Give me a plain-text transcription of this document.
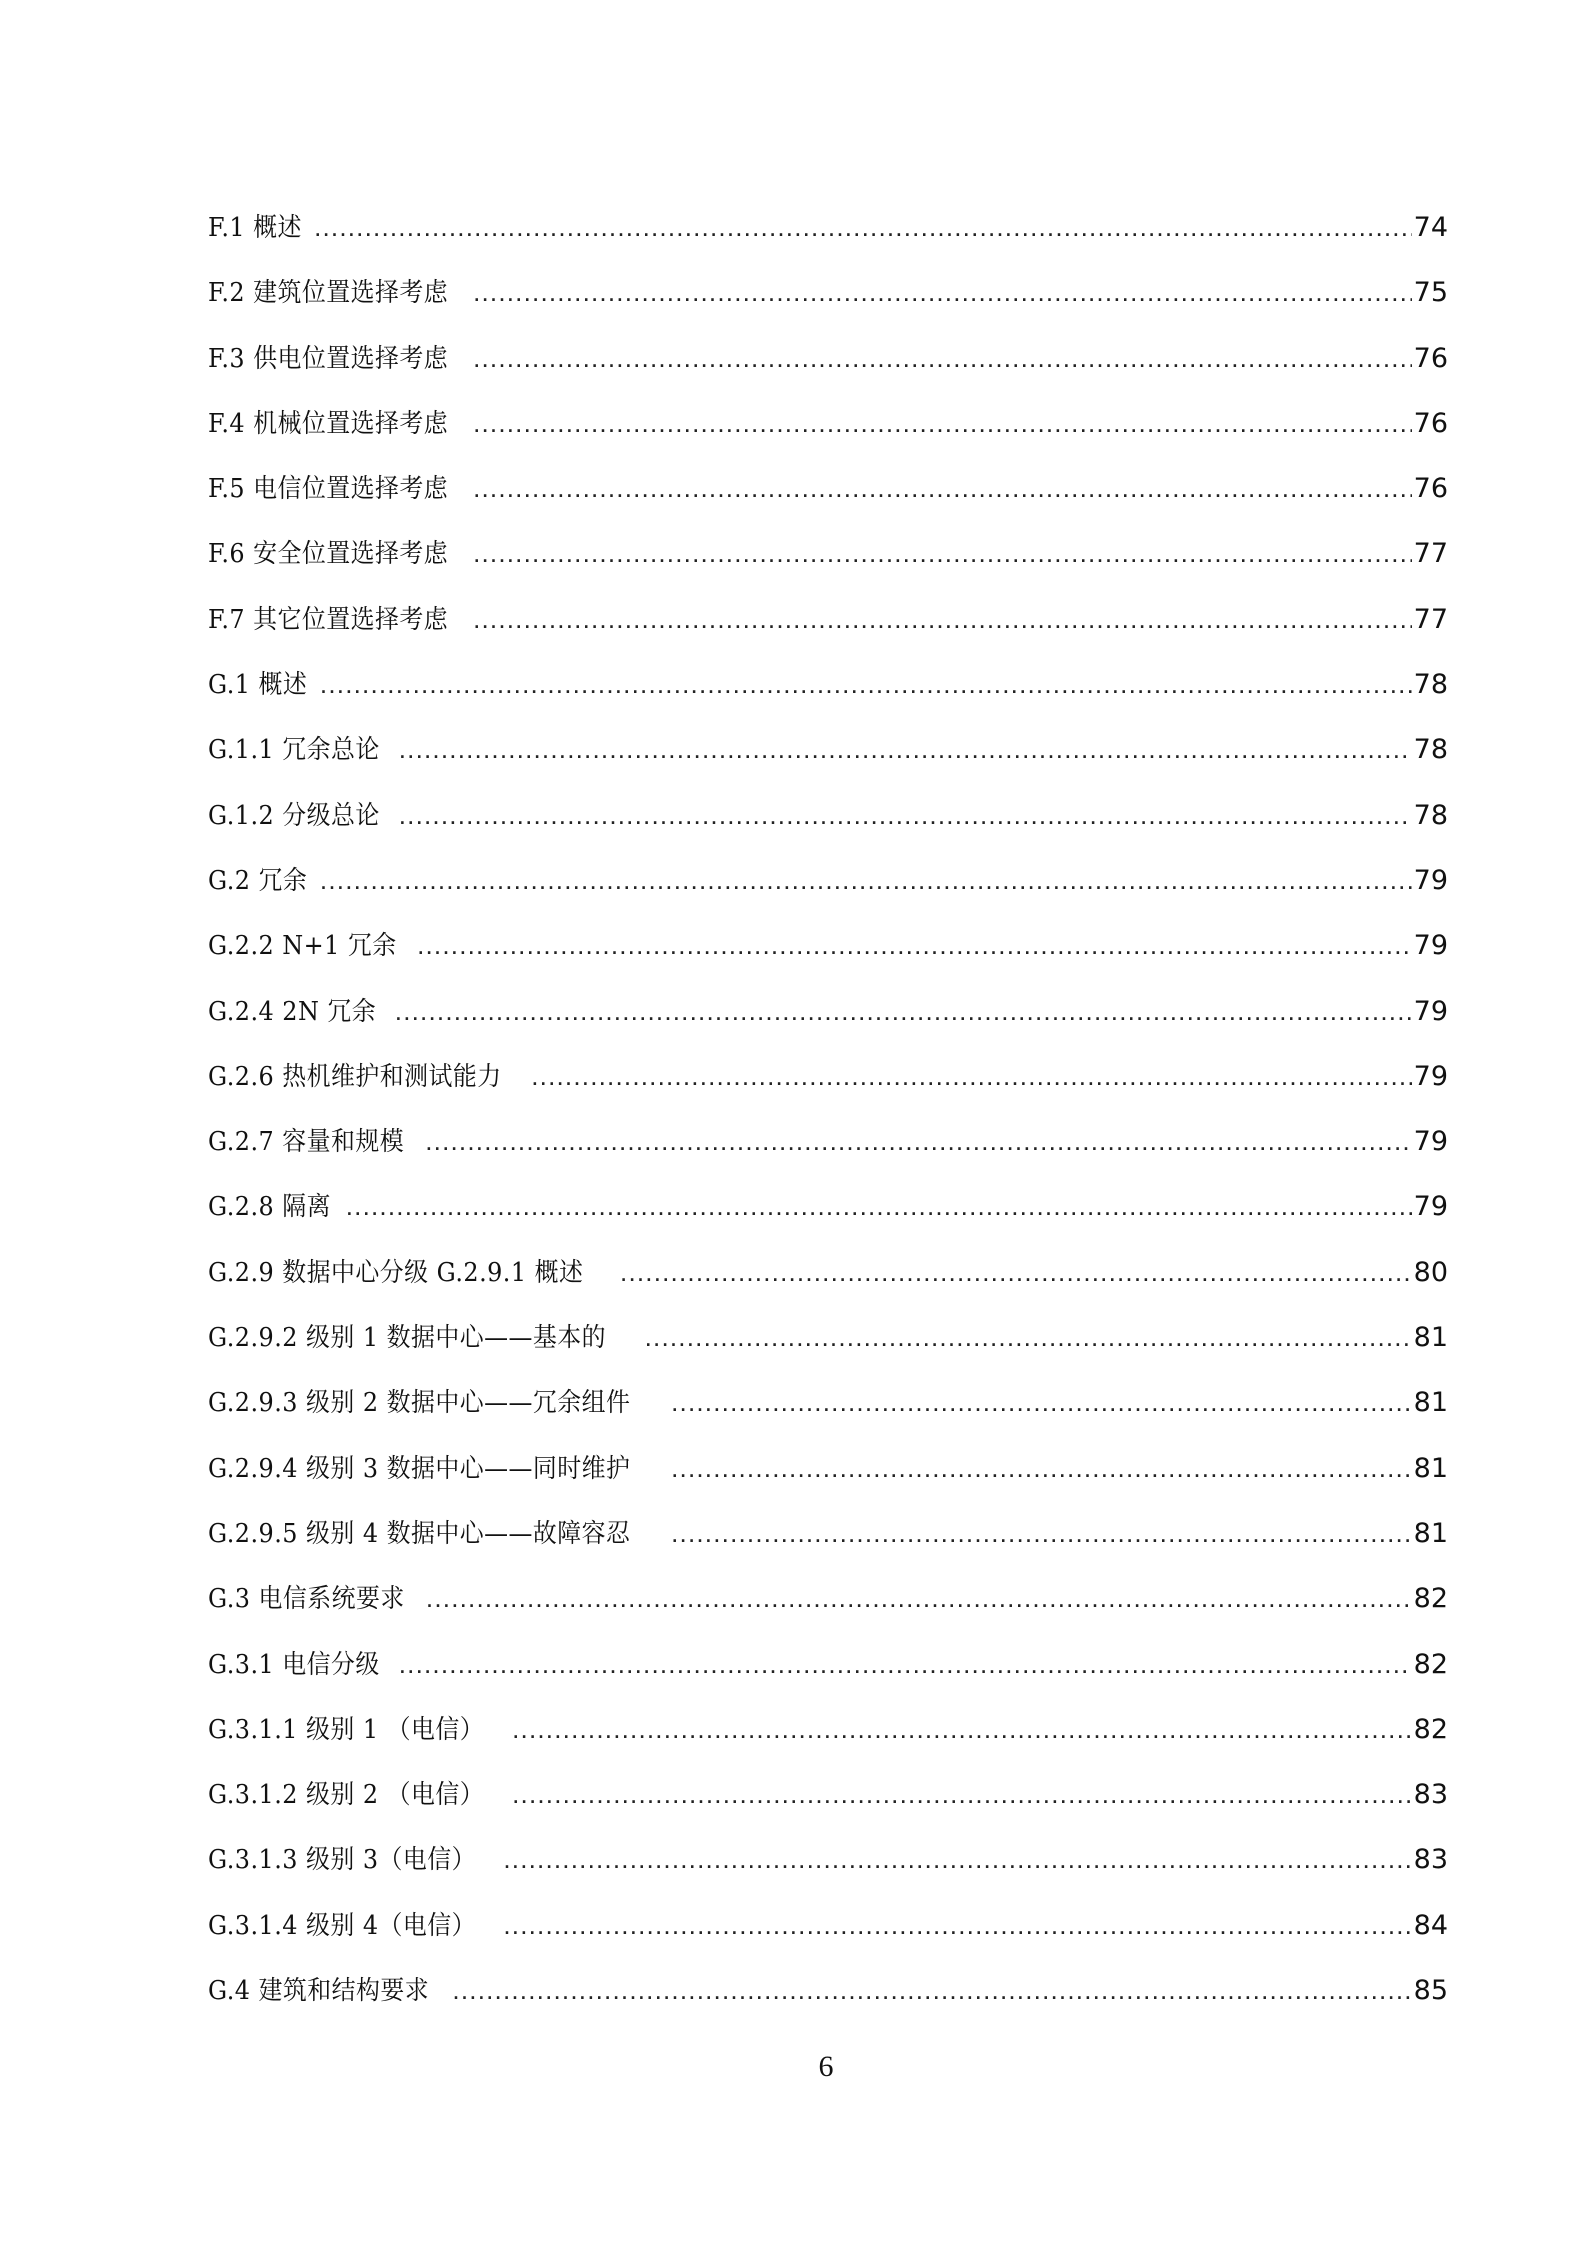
F.1 概述 .....	74
F.2 建筑位置选择考虑 .....	75
F.3 供电位置选择考虑 .....	76
F.4 机械位置选择考虑 .....	76
F.5 电信位置选择考虑 .....	76
F.6 安全位置选择考虑 .....	77
F.7 其它位置选择考虑 .....	77
G.1 概述 .....	78
G.1.1 冗余总论 .....	78
G.1.2 分级总论 .....	78
G.2 冗余 .....	79
G.2.2 N+1 冗余 .....	79
G.2.4 2N 冗余 .....	79
G.2.6 热机维护和测试能力 .....	79
G.2.7 容量和规模 .....	79
G.2.8 隔离 .....	79
G.2.9 数据中心分级 G.2.9.1 概述 .....	80
G.2.9.2 级别 1 数据中心——基本的 .....	81
G.2.9.3 级别 2 数据中心——冗余组件 .....	81
G.2.9.4 级别 3 数据中心——同时维护 .....	81
G.2.9.5 级别 4 数据中心——故障容忍 .....	81
G.3 电信系统要求 .....	82
G.3.1 电信分级 .....	82
G.3.1.1 级别 1 （电信） .....	82
G.3.1.2 级别 2 （电信） .....	83
G.3.1.3 级别 3（电信） .....	83
G.3.1.4 级别 4（电信） .....	84
G.4 建筑和结构要求 .....	85
6
